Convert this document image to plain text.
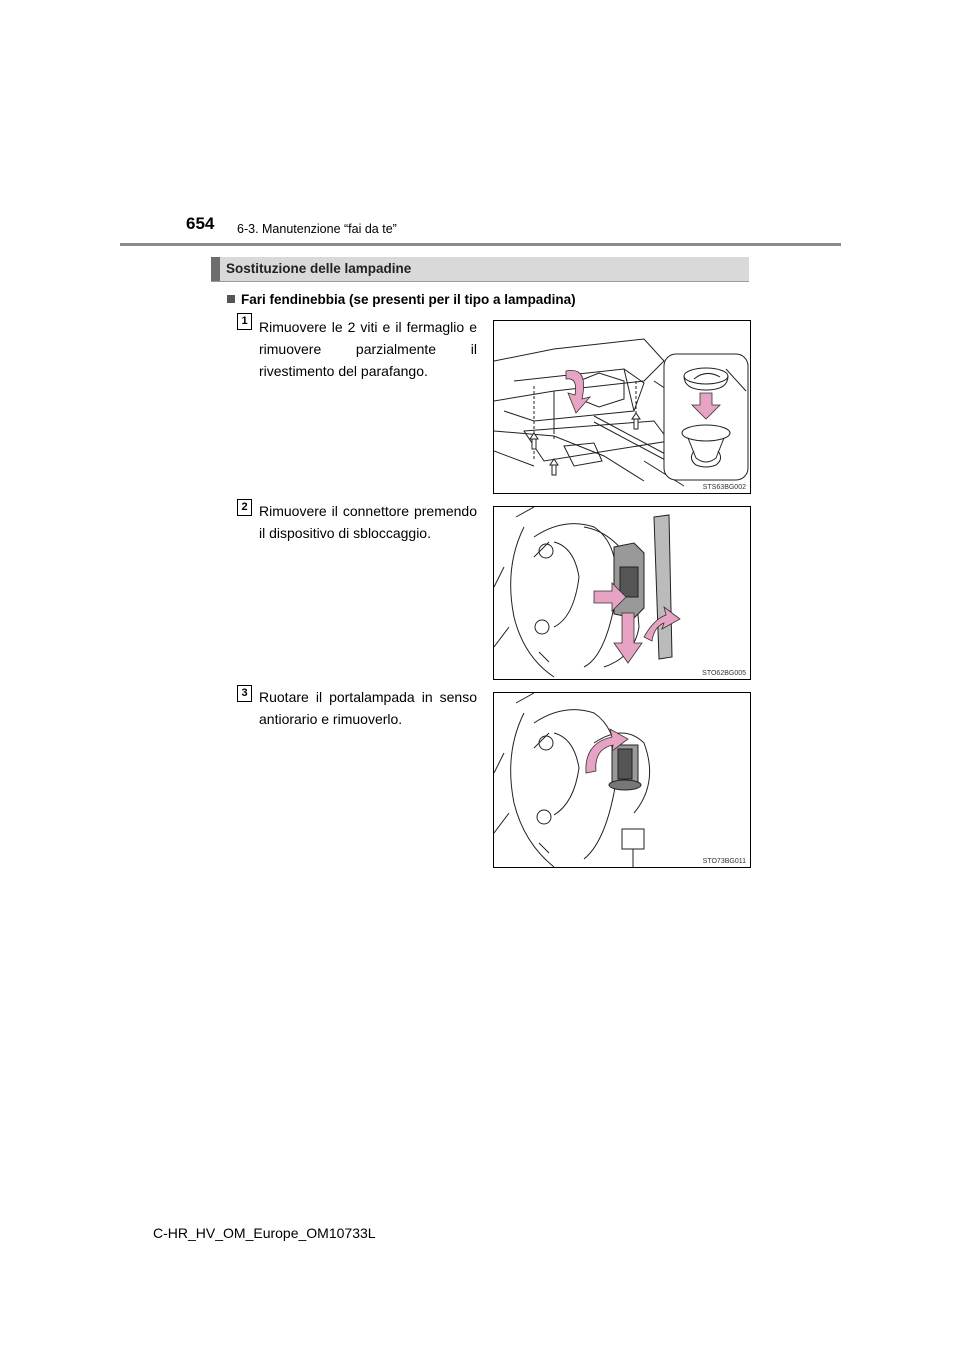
654 6-3. Manutenzione “fai da te”
Sostituzione delle lampadine
Fari fendinebbia (se presenti per il tipo a lampadina)
1 Rimuovere le 2 viti e il fermaglio e rimuovere parzialmente il rivestimento del parafango.
STS63BG002
2 Rimuovere il connettore premendo il dispositivo di sbloccaggio.
STO62BG005
3 Ruotare il portalampada in senso antiorario e rimuoverlo.
STO73BG011
C-HR_HV_OM_Europe_OM10733L
